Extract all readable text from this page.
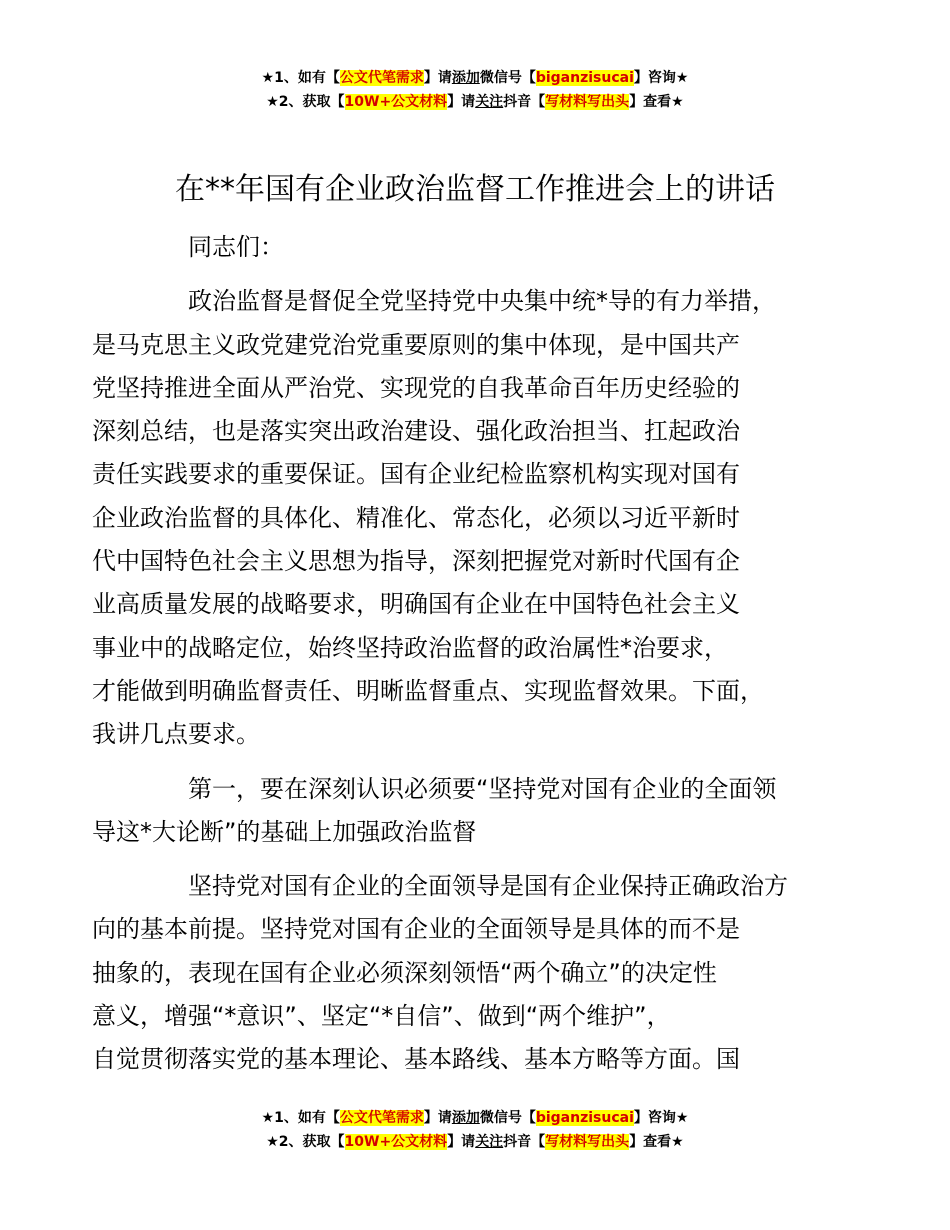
★1、如有【公文代笔需求】请添加微信号【biganzisucai】咨询★
★2、获取【10W+公文材料】请关注抖音【写材料写出头】查看★
在**年国有企业政治监督工作推进会上的讲话

同志们：

政治监督是督促全党坚持党中央集中统*导的有力举措，
是马克思主义政党建党治党重要原则的集中体现，是中国共产
党坚持推进全面从严治党、实现党的自我革命百年历史经验的
深刻总结，也是落实突出政治建设、强化政治担当、扛起政治
责任实践要求的重要保证。国有企业纪检监察机构实现对国有
企业政治监督的具体化、精准化、常态化，必须以习近平新时
代中国特色社会主义思想为指导，深刻把握党对新时代国有企
业高质量发展的战略要求，明确国有企业在中国特色社会主义
事业中的战略定位，始终坚持政治监督的政治属性*治要求，
才能做到明确监督责任、明晰监督重点、实现监督效果。下面，
我讲几点要求。

第一，要在深刻认识必须要“坚持党对国有企业的全面领
导这*大论断”的基础上加强政治监督

坚持党对国有企业的全面领导是国有企业保持正确政治方
向的基本前提。坚持党对国有企业的全面领导是具体的而不是
抽象的，表现在国有企业必须深刻领悟“两个确立”的决定性
意义，增强“*意识”、坚定“*自信”、做到“两个维护”，
自觉贯彻落实党的基本理论、基本路线、基本方略等方面。国

★1、如有【公文代笔需求】请添加微信号【biganzisucai】咨询★
★2、获取【10W+公文材料】请关注抖音【写材料写出头】查看★
